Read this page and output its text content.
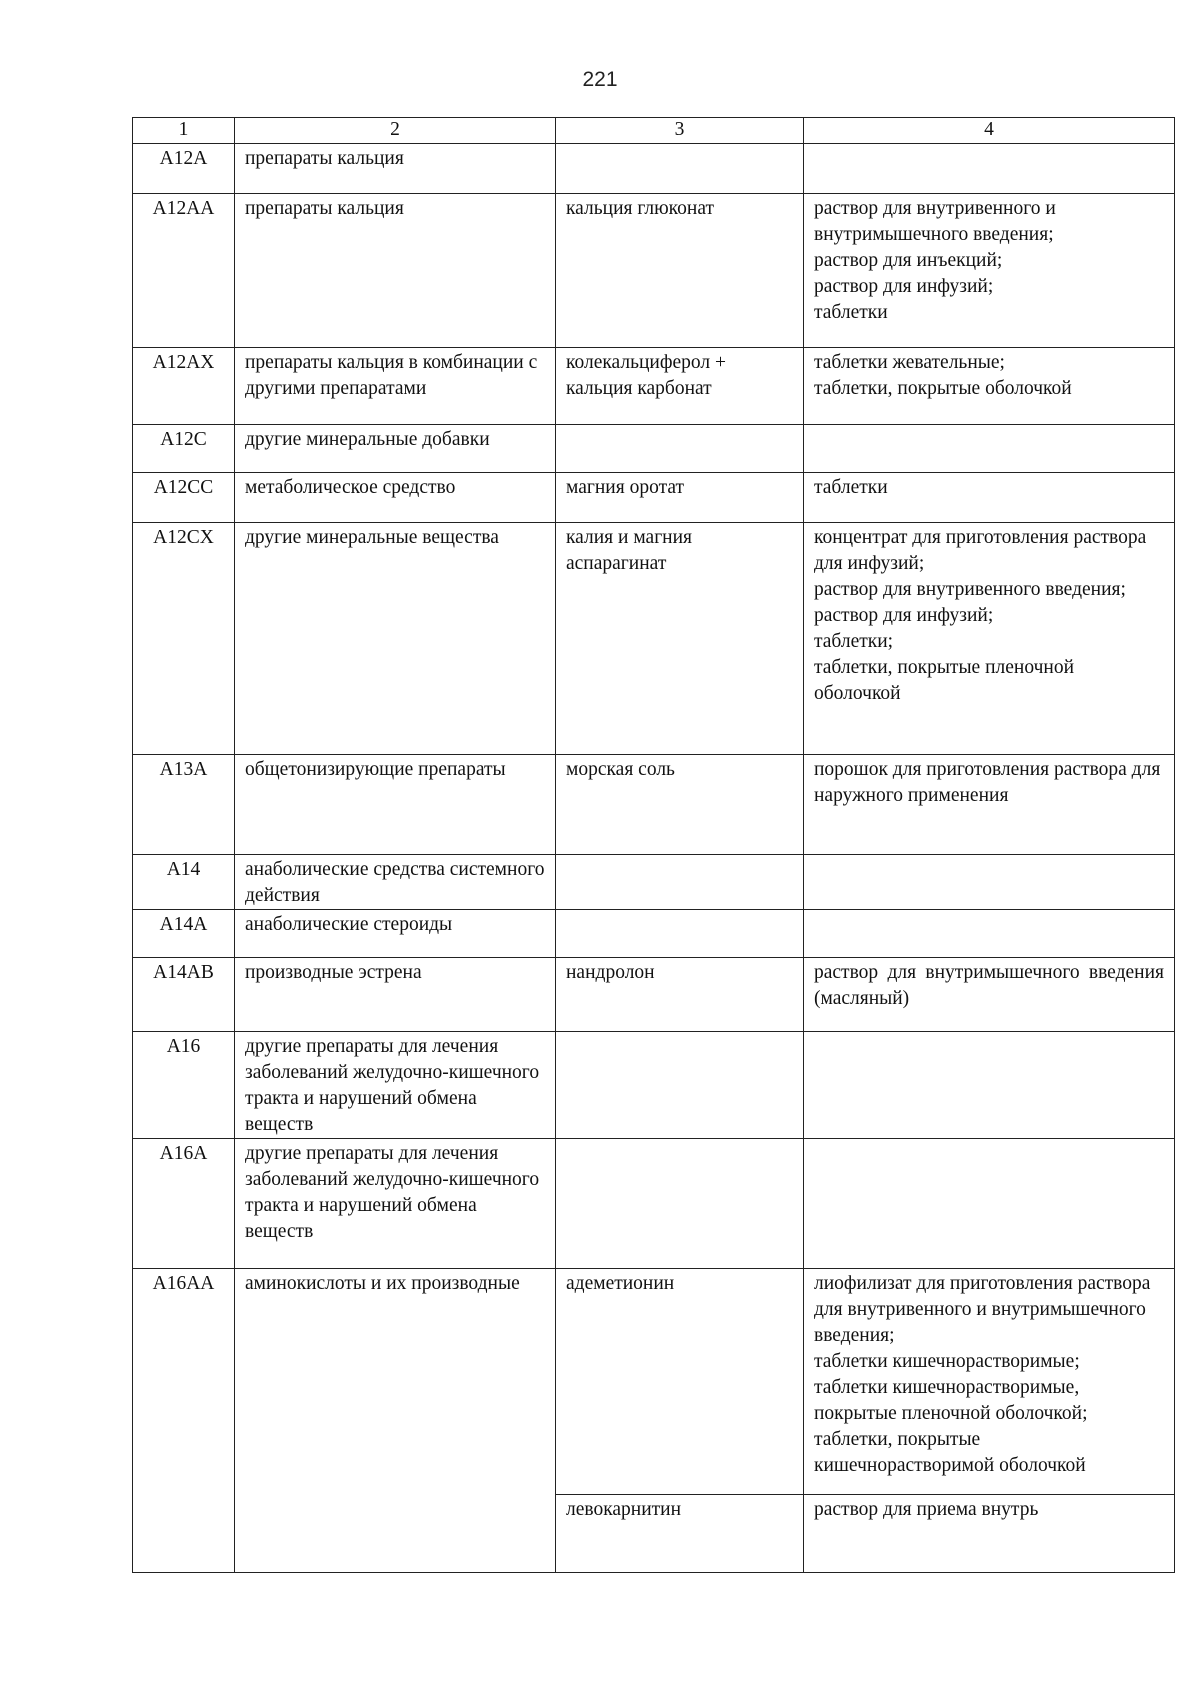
221
1	2	3	4
A12A	препараты кальция		
A12AA	препараты кальция	кальция глюконат	раствор для внутривенного и внутримышечного введения;
раствор для инъекций;
раствор для инфузий;
таблетки

A12AX	препараты кальция в комбинации с другими препаратами	колекальциферол + кальция карбонат	таблетки жевательные;
таблетки, покрытые оболочкой

A12C	другие минеральные добавки		
A12CC	метаболическое средство	магния оротат	таблетки

A12CX	другие минеральные вещества	калия и магния аспарагинат	концентрат для приготовления раствора для инфузий;
раствор для внутривенного введения;
раствор для инфузий;
таблетки;
таблетки, покрытые пленочной оболочкой

A13A	общетонизирующие препараты	морская соль	порошок для приготовления раствора для наружного применения

A14	анаболические средства системного действия		
A14A	анаболические стероиды		
A14AB	производные эстрена	нандролон	раствор для внутримышечного введения (масляный)
A16	другие препараты для лечения заболеваний желудочно-кишечного тракта и нарушений обмена веществ		
A16A	другие препараты для лечения заболеваний желудочно-кишечного тракта и нарушений обмена веществ		
A16AA	аминокислоты и их производные	адеметионин	лиофилизат для приготовления раствора для внутривенного и внутримышечного введения;
таблетки кишечнорастворимые;
таблетки кишечнорастворимые, покрытые пленочной оболочкой;
таблетки, покрытые кишечнорастворимой оболочкой

		левокарнитин	раствор для приема внутрь
